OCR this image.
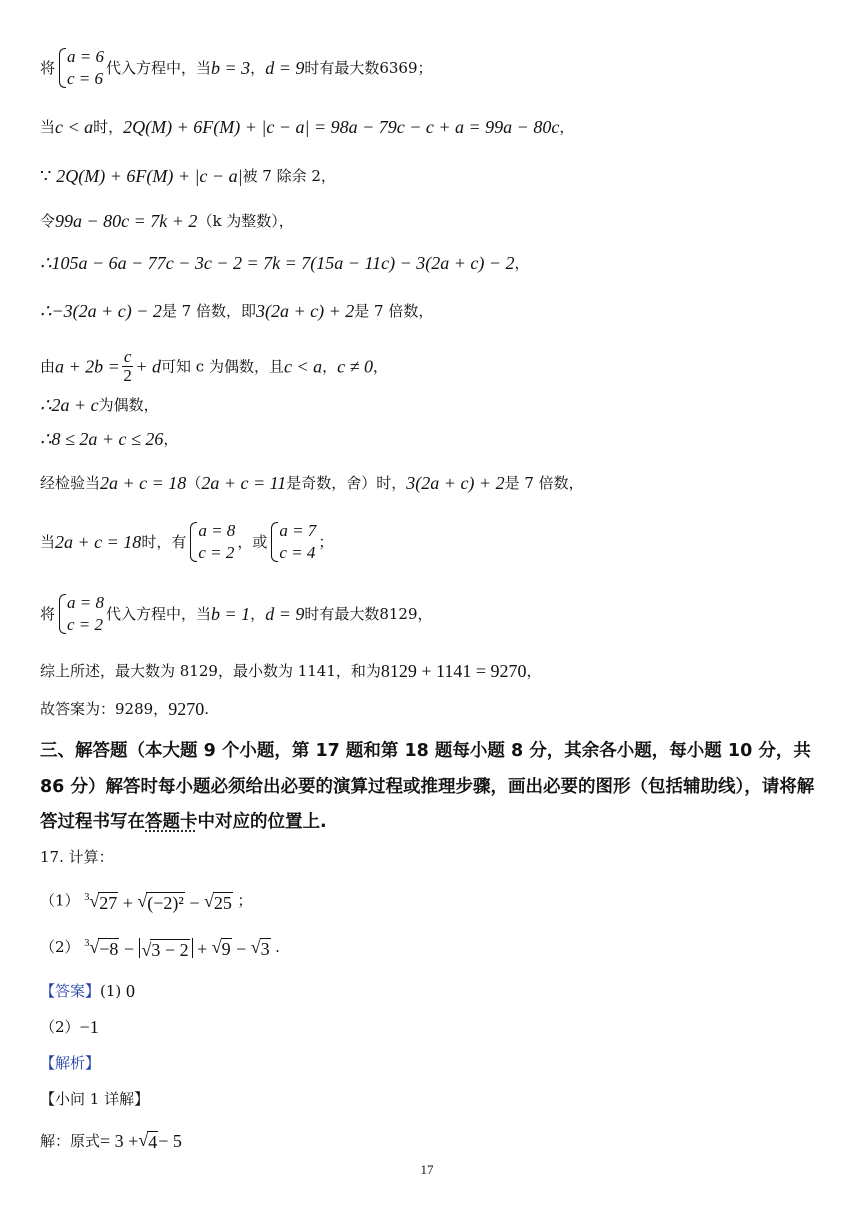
将
a = 6
c = 6
代入方程中，当b = 3，d = 9时有最大数6369；
当c < a时，2Q(M) + 6F(M) + |c − a| = 98a − 79c − c + a = 99a − 80c，
∵ 2Q(M) + 6F(M) + |c − a|被 7 除余 2，
令99a − 80c = 7k + 2（k 为整数），
∴105a − 6a − 77c − 3c − 2 = 7k = 7(15a − 11c) − 3(2a + c) − 2，
∴−3(2a + c) − 2是 7 倍数，即3(2a + c) + 2是 7 倍数，
由$a + 2b = \frac{c}{2} + d$可知 c 为偶数，且c < a，c ≠ 0，
∴2a + c为偶数，
∴8 ≤ 2a + c ≤ 26，
经检验当2a + c = 18（2a + c = 11是奇数，舍）时，3(2a + c) + 2是 7 倍数，
当2a + c = 18时，有
a = 8
c = 2
，或
a = 7
c = 4
；
将
a = 8
c = 2
代入方程中，当b = 1，d = 9时有最大数8129，
综上所述，最大数为 8129，最小数为 1141，和为8129 + 1141 = 9270，
故答案为：9289，9270.
三、解答题（本大题 9 个小题，第 17 题和第 18 题每小题 8 分，其余各小题，每小题 10 分，共 86 分）解答时每小题必须给出必要的演算过程或推理步骤，画出必要的图形（包括辅助线），请将解答过程书写在答题卡中对应的位置上.
17. 计算：
（1） $^3$√27 + √(−2)² − √25 ；
（2） $^3$√−8 − √3 − 2 + √9 − √3 .
【答案】(1) 0
（2）−1
【解析】
【小问 1 详解】
解：原式= 3 +√4− 5
17
